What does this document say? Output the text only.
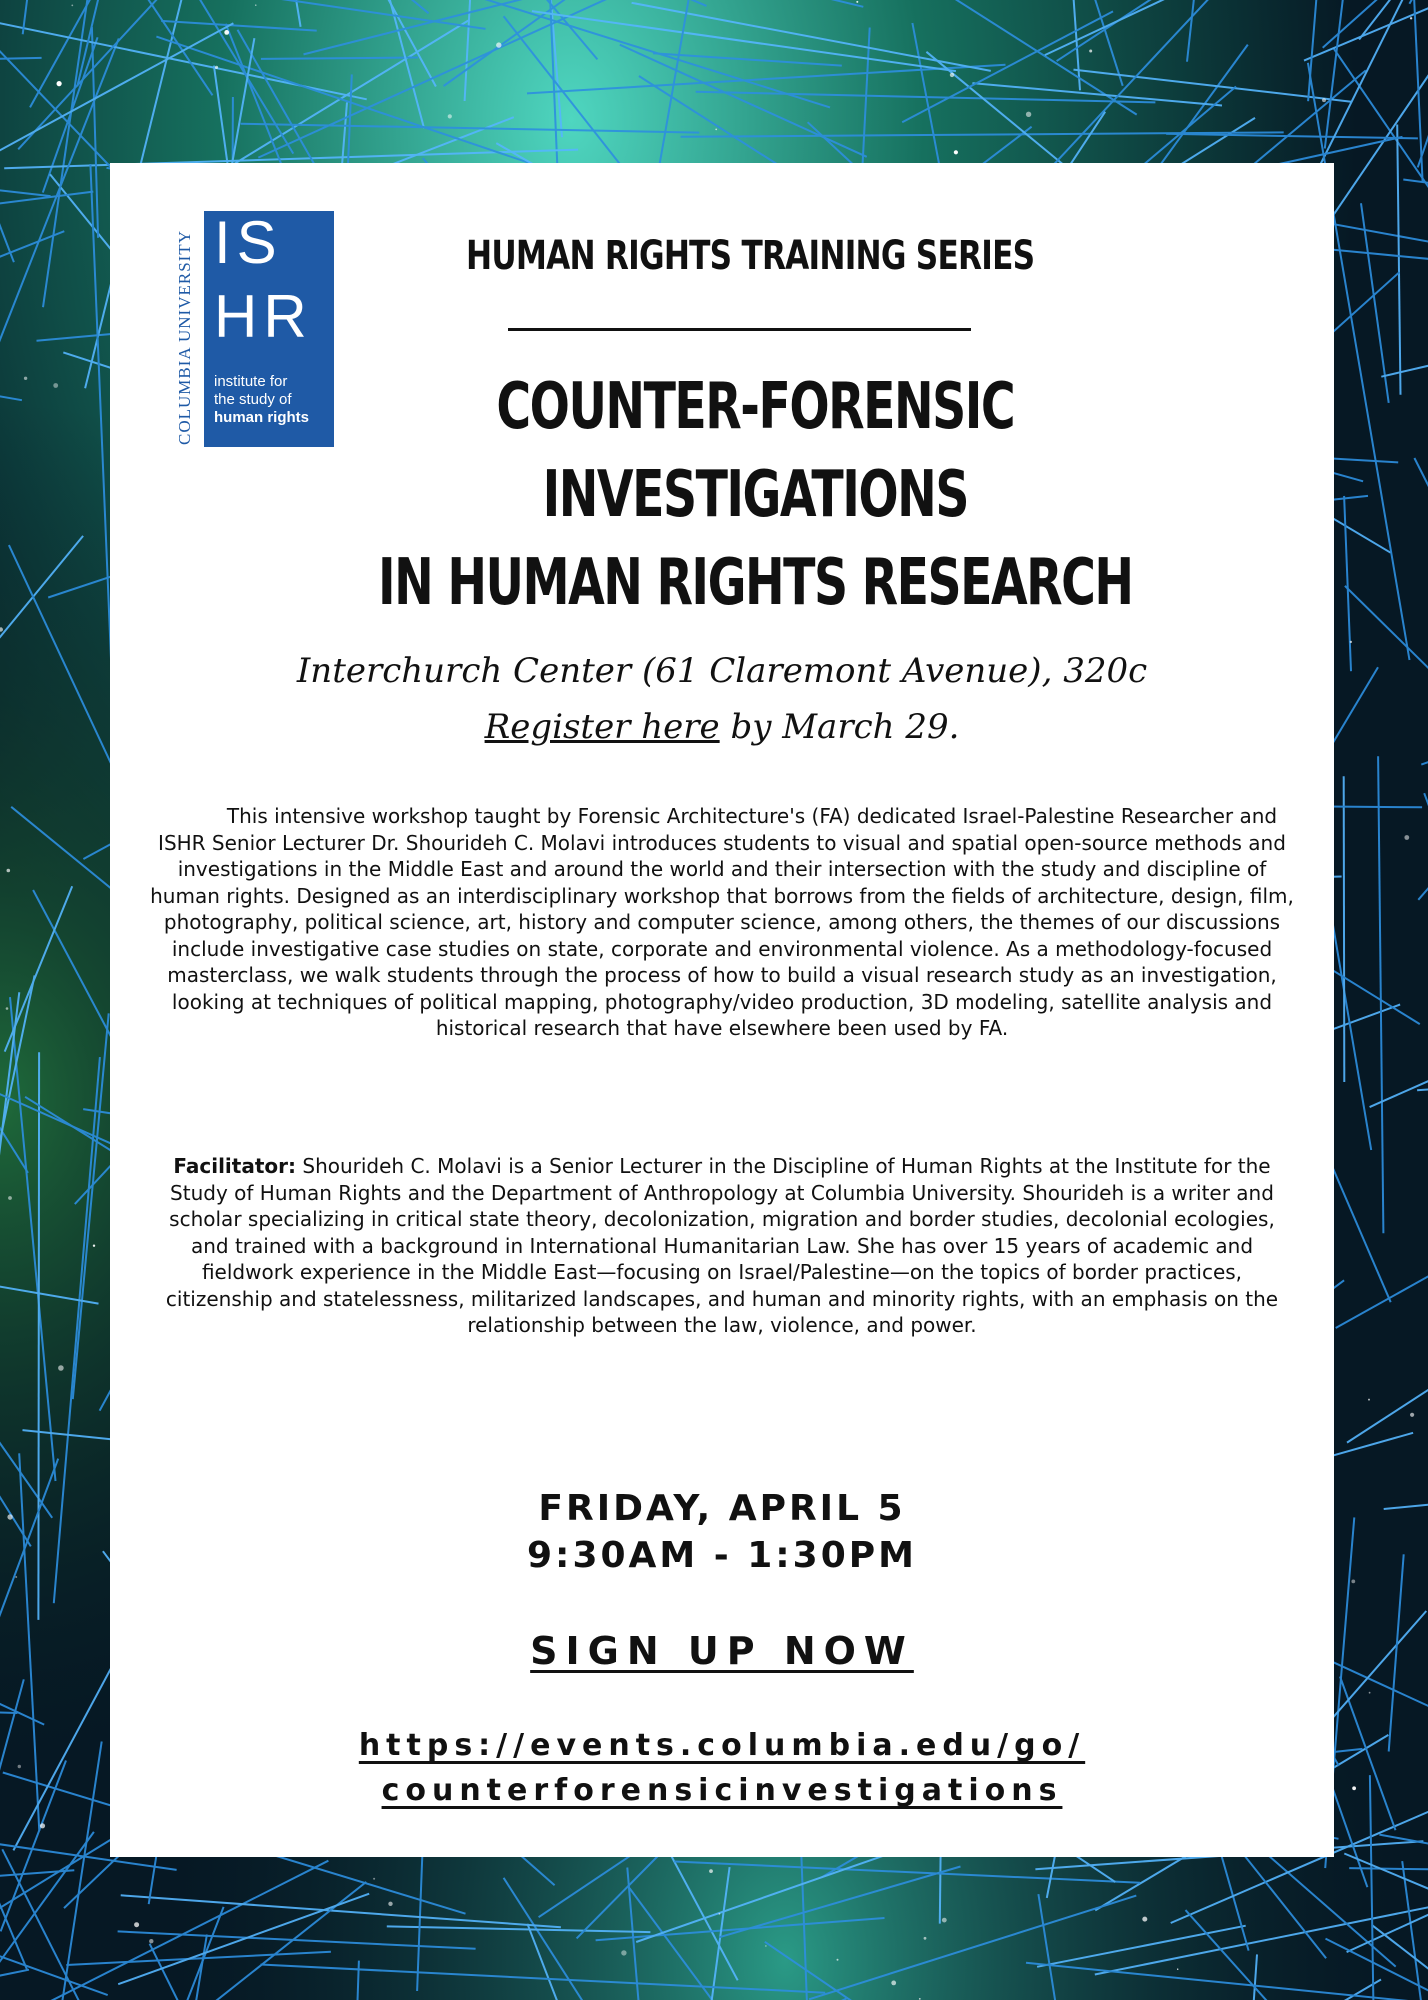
COLUMBIA UNIVERSITY IS
HR
institute for
the study of
human rights
HUMAN RIGHTS TRAINING SERIES
COUNTER-FORENSIC
INVESTIGATIONS
IN HUMAN RIGHTS RESEARCH
Interchurch Center (61 Claremont Avenue), 320c
Register here by March 29.
This intensive workshop taught by Forensic Architecture's (FA) dedicated Israel-Palestine Researcher and ISHR Senior Lecturer Dr. Shourideh C. Molavi introduces students to visual and spatial open-source methods and investigations in the Middle East and around the world and their intersection with the study and discipline of human rights. Designed as an interdisciplinary workshop that borrows from the fields of architecture, design, film, photography, political science, art, history and computer science, among others, the themes of our discussions include investigative case studies on state, corporate and environmental violence. As a methodology-focused masterclass, we walk students through the process of how to build a visual research study as an investigation, looking at techniques of political mapping, photography/video production, 3D modeling, satellite analysis and historical research that have elsewhere been used by FA.
Facilitator: Shourideh C. Molavi is a Senior Lecturer in the Discipline of Human Rights at the Institute for the Study of Human Rights and the Department of Anthropology at Columbia University. Shourideh is a writer and scholar specializing in critical state theory, decolonization, migration and border studies, decolonial ecologies, and trained with a background in International Humanitarian Law. She has over 15 years of academic and fieldwork experience in the Middle East—focusing on Israel/Palestine—on the topics of border practices, citizenship and statelessness, militarized landscapes, and human and minority rights, with an emphasis on the relationship between the law, violence, and power.
FRIDAY, APRIL 5
9:30AM - 1:30PM
SIGN UP NOW
https://events.columbia.edu/go/
counterforensicinvestigations
